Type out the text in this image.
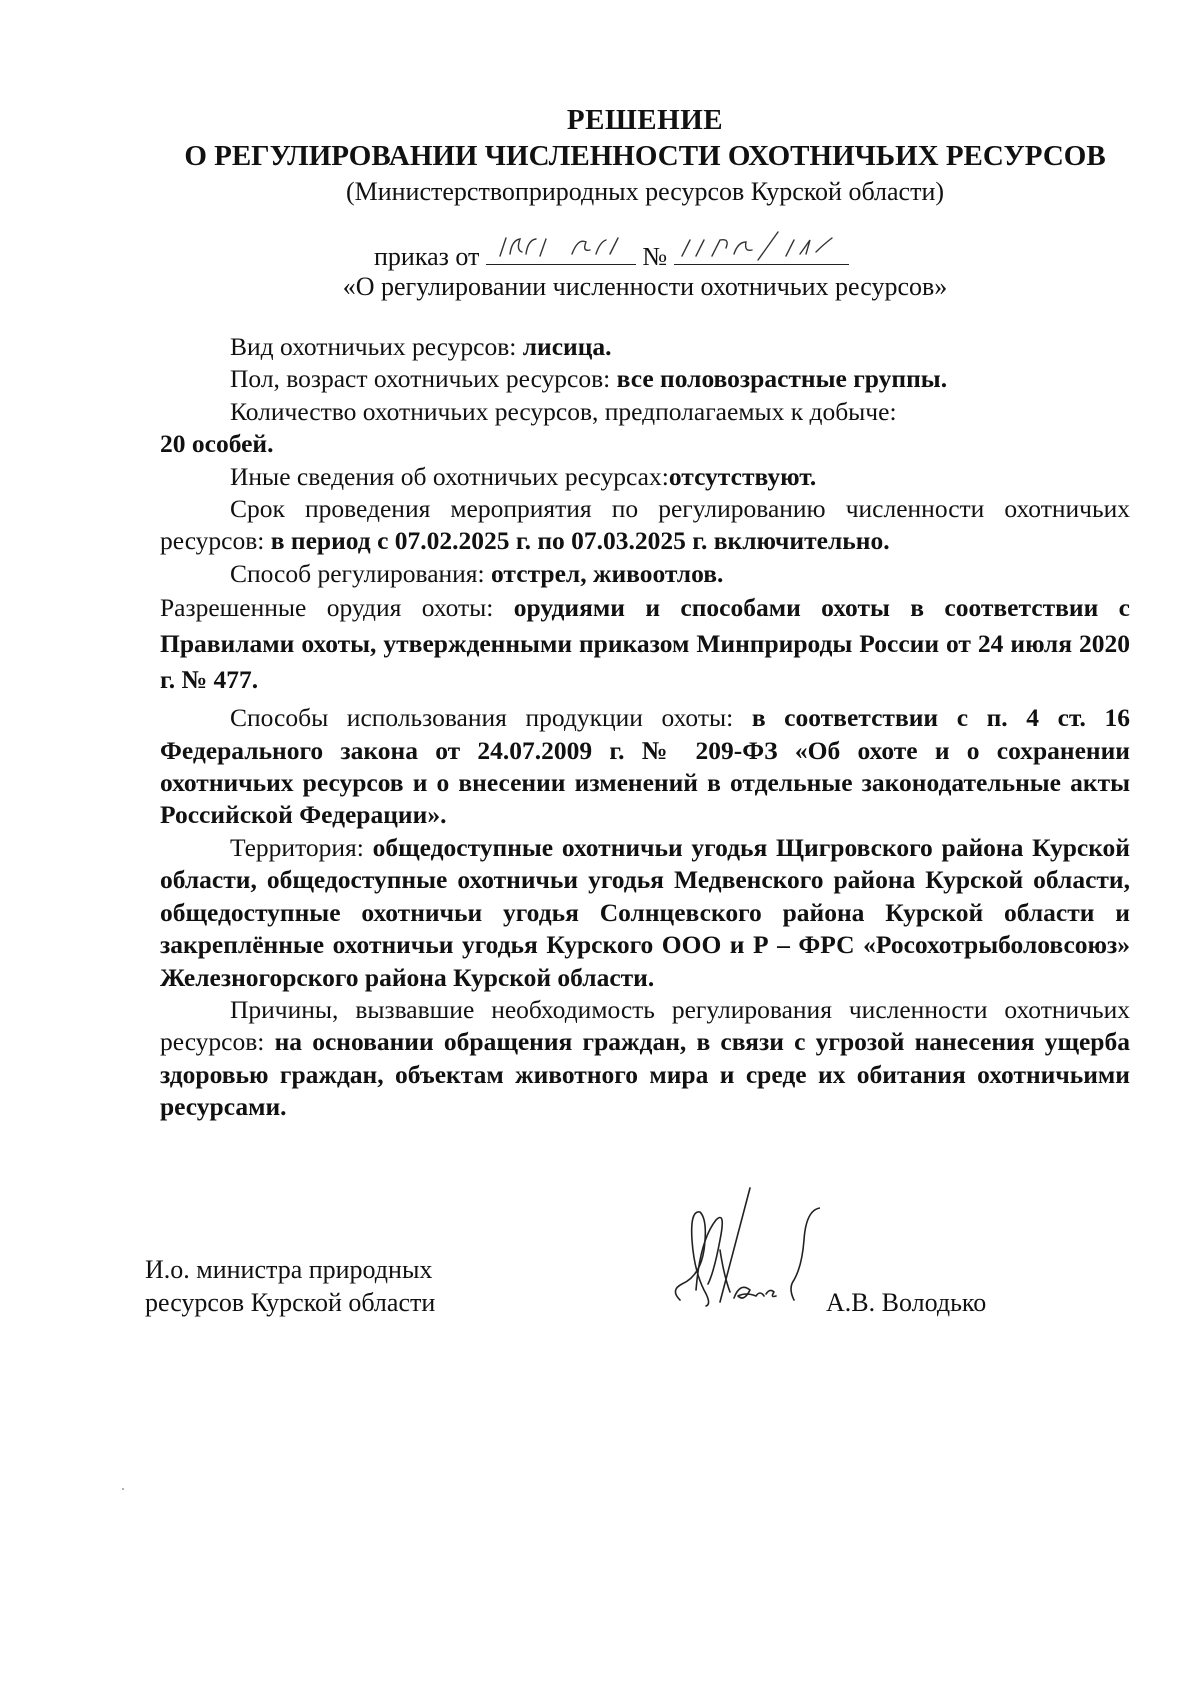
РЕШЕНИЕ
О РЕГУЛИРОВАНИИ ЧИСЛЕННОСТИ ОХОТНИЧЬИХ РЕСУРСОВ
(Министерствоприродных ресурсов Курской области)
приказ от	№
«О регулировании численности охотничьих ресурсов»

Вид охотничьих ресурсов: лисица.

Пол, возраст охотничьих ресурсов: все половозрастные группы.

Количество охотничьих ресурсов, предполагаемых к добыче:

20 особей.

Иные сведения об охотничьих ресурсах:отсутствуют.

Срок проведения мероприятия по регулированию численности охотничьих ресурсов: в период с 07.02.2025 г. по 07.03.2025 г. включительно.

Способ регулирования: отстрел, живоотлов.

Разрешенные орудия охоты: орудиями и способами охоты в соответствии с Правилами охоты, утвержденными приказом Минприроды России от 24 июля 2020 г. № 477.

Способы использования продукции охоты: в соответствии с п. 4 ст. 16 Федерального закона от 24.07.2009 г. № 209-ФЗ «Об охоте и о сохранении охотничьих ресурсов и о внесении изменений в отдельные законодательные акты Российской Федерации».

Территория: общедоступные охотничьи угодья Щигровского района Курской области, общедоступные охотничьи угодья Медвенского района Курской области, общедоступные охотничьи угодья Солнцевского района Курской области и закреплённые охотничьи угодья Курского ООО и Р – ФРС «Росохотрыболовсоюз» Железногорского района Курской области.

Причины, вызвавшие необходимость регулирования численности охотничьих ресурсов: на основании обращения граждан, в связи с угрозой нанесения ущерба здоровью граждан, объектам животного мира и среде их обитания охотничьими ресурсами.

И.о. министра природных
ресурсов Курской области	А.В. Володько
